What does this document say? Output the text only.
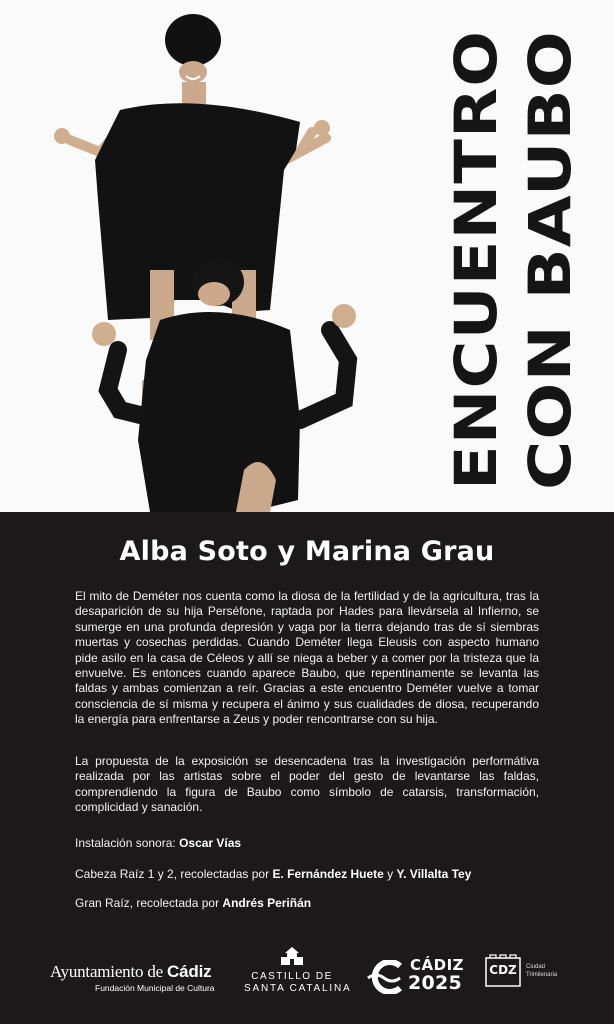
ENCUENTRO CON BAUBO
Alba Soto y Marina Grau

El mito de Deméter nos cuenta como la diosa de la fertilidad y de la agricultura, tras la desaparición de su hija Perséfone, raptada por Hades para llevársela al Infierno, se sumerge en una profunda depresión y vaga por la tierra dejando tras de sí siembras muertas y cosechas perdidas. Cuando Deméter llega Eleusis con aspecto humano pide asilo en la casa de Céleos y allí se niega a beber y a comer por la tristeza que la envuelve. Es entonces cuando aparece Baubo, que repentinamente se levanta las faldas y ambas comienzan a reír. Gracias a este encuentro Deméter vuelve a tomar consciencia de sí misma y recupera el ánimo y sus cualidades de diosa, recuperando la energía para enfrentarse a Zeus y poder rencontrarse con su hija.

La propuesta de la exposición se desencadena tras la investigación performátiva realizada por las artistas sobre el poder del gesto de levantarse las faldas, comprendiendo la figura de Baubo como símbolo de catarsis, transformación, complicidad y sanación.

Instalación sonora: Oscar Vías
Cabeza Raíz 1 y 2, recolectadas por E. Fernández Huete y Y. Villalta Tey
Gran Raíz, recolectada por Andrés Periñán
Ayuntamiento de Cádiz
Fundación Municipal de Cultura
CASTILLO DE
SANTA CATALINA
CÁDIZ
2025
CDZ	Ciudad
Trimilenaria
